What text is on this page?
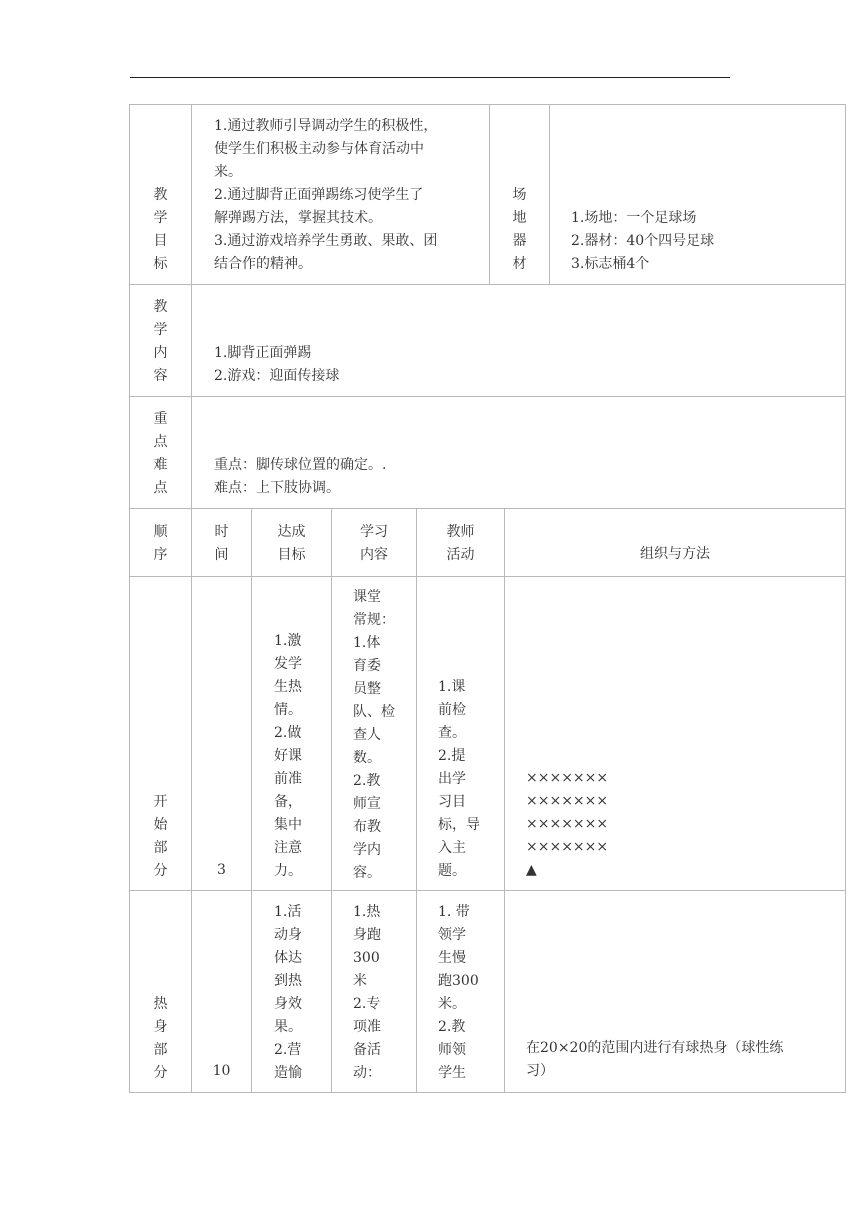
教
学
目
标
1.通过教师引导调动学生的积极性，
使学生们积极主动参与体育活动中
来。
2.通过脚背正面弹踢练习使学生了
解弹踢方法，掌握其技术。
3.通过游戏培养学生勇敢、果敢、团
结合作的精神。
场
地
器
材
1.场地：一个足球场
2.器材：40个四号足球
3.标志桶4个
教
学
内
容
1.脚背正面弹踢
2.游戏：迎面传接球
重
点
难
点
重点：脚传球位置的确定。.
难点：上下肢协调。
顺
序
开
始
部
分
热
身
部
分
时
间
3
10
达成
目标
1.激
发学
生热
情。
2.做
好课
前准
备，
集中
注意
力。
1.活
动身
体达
到热
身效
果。
2.营
造愉
学习
内容
课堂
常规：
1.体
育委
员整
队、检
查人
数。
2.教
师宣
布教
学内
容。
1.热
身跑
300
米
2.专
项准
备活
动：
教师
活动
1.课
前检
查。
2.提
出学
习目
标，导
入主
题。
1. 带
领学
生慢
跑300
米。
2.教
师领
学生
组织与方法
×××××××
×××××××
×××××××
×××××××
▲
在20×20的范围内进行有球热身（球性练
习）
